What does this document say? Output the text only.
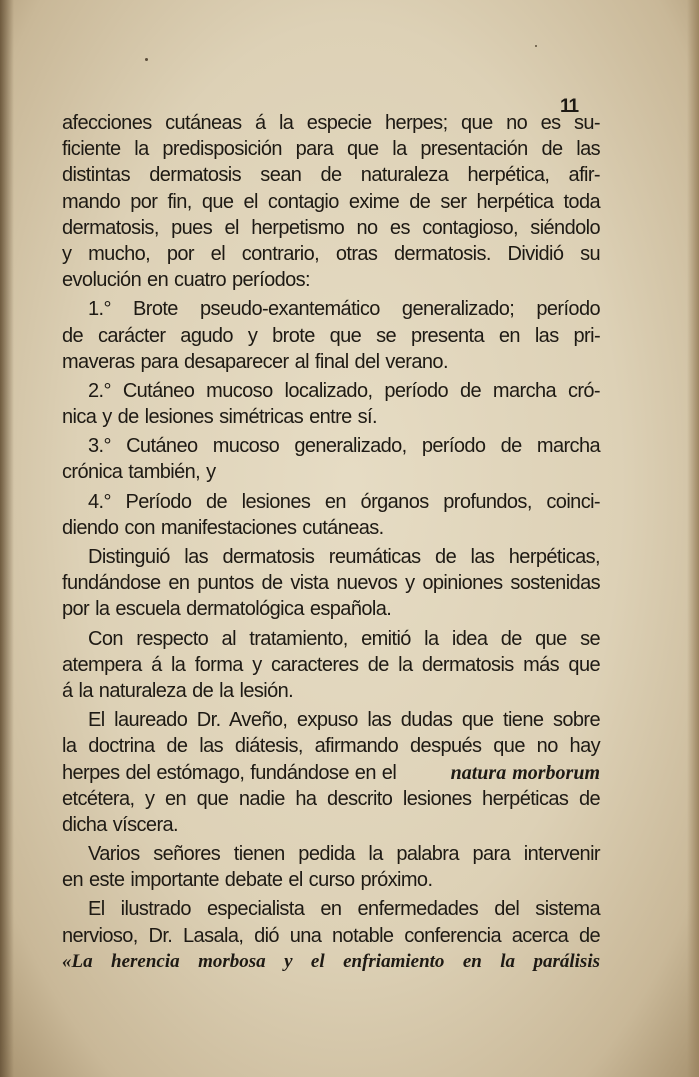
11
afecciones cutáneas á la especie herpes; que no es su-
ficiente la predisposición para que la presentación de las
distintas dermatosis sean de naturaleza herpética, afir-
mando por fin, que el contagio exime de ser herpética toda
dermatosis, pues el herpetismo no es contagioso, siéndolo
y mucho, por el contrario, otras dermatosis. Dividió su
evolución en cuatro períodos:
1.° Brote pseudo-exantemático generalizado; período
de carácter agudo y brote que se presenta en las pri-
maveras para desaparecer al final del verano.
2.° Cutáneo mucoso localizado, período de marcha cró-
nica y de lesiones simétricas entre sí.
3.° Cutáneo mucoso generalizado, período de marcha
crónica también, y
4.° Período de lesiones en órganos profundos, coinci-
diendo con manifestaciones cutáneas.
Distinguió las dermatosis reumáticas de las herpéticas,
fundándose en puntos de vista nuevos y opiniones sostenidas
por la escuela dermatológica española.
Con respecto al tratamiento, emitió la idea de que se
atempera á la forma y caracteres de la dermatosis más que
á la naturaleza de la lesión.
El laureado Dr. Aveño, expuso las dudas que tiene sobre
la doctrina de las diátesis, afirmando después que no hay
herpes del estómago, fundándose en el	natura morborum
etcétera, y en que nadie ha descrito lesiones herpéticas de
dicha víscera.
Varios señores tienen pedida la palabra para intervenir
en este importante debate el curso próximo.
El ilustrado especialista en enfermedades del sistema
nervioso, Dr. Lasala, dió una notable conferencia acerca de
«La herencia morbosa y el enfriamiento en la parálisis
